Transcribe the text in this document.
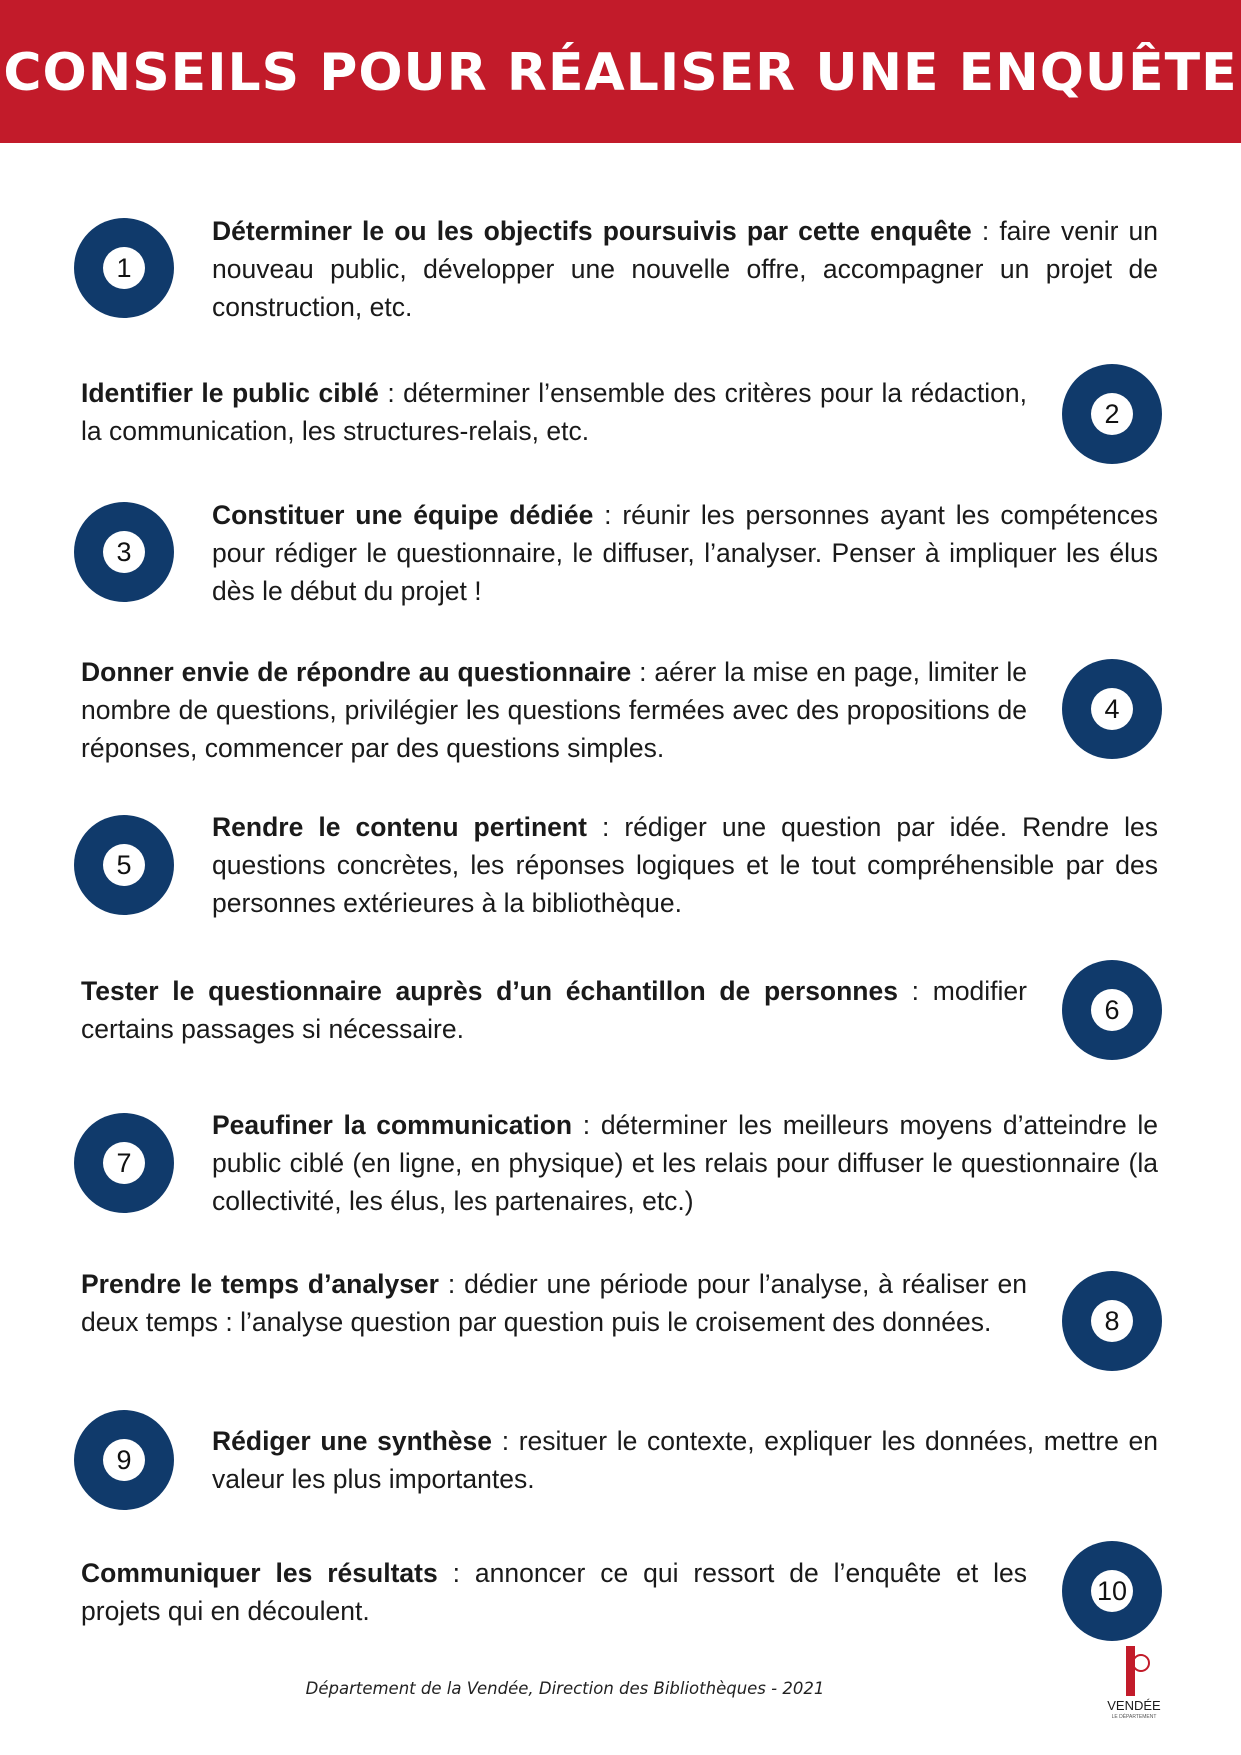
CONSEILS POUR RÉALISER UNE ENQUÊTE
1
Déterminer le ou les objectifs poursuivis par cette enquête : faire venir un nouveau public, développer une nouvelle offre, accompagner un projet de construction, etc.
2
Identifier le public ciblé : déterminer l’ensemble des critères pour la rédaction, la communication, les structures-relais, etc.
3
Constituer une équipe dédiée : réunir les personnes ayant les compétences pour rédiger le questionnaire, le diffuser, l’analyser. Penser à impliquer les élus dès le début du projet !
4
Donner envie de répondre au questionnaire : aérer la mise en page, limiter le nombre de questions, privilégier les questions fermées avec des propositions de réponses, commencer par des questions simples.
5
Rendre le contenu pertinent : rédiger une question par idée. Rendre les questions concrètes, les réponses logiques et le tout compréhensible par des personnes extérieures à la bibliothèque.
6
Tester le questionnaire auprès d’un échantillon de personnes : modifier certains passages si nécessaire.
7
Peaufiner la communication : déterminer les meilleurs moyens d’atteindre le public ciblé (en ligne, en physique) et les relais pour diffuser le questionnaire (la collectivité, les élus, les partenaires, etc.)
8
Prendre le temps d’analyser : dédier une période pour l’analyse, à réaliser en deux temps : l’analyse question par question puis le croisement des données.
9
Rédiger une synthèse : resituer le contexte, expliquer les données, mettre en valeur les plus importantes.
10
Communiquer les résultats : annoncer ce qui ressort de l’enquête et les projets qui en découlent.
Département de la Vendée, Direction des Bibliothèques - 2021
VENDÉE
LE DÉPARTEMENT
